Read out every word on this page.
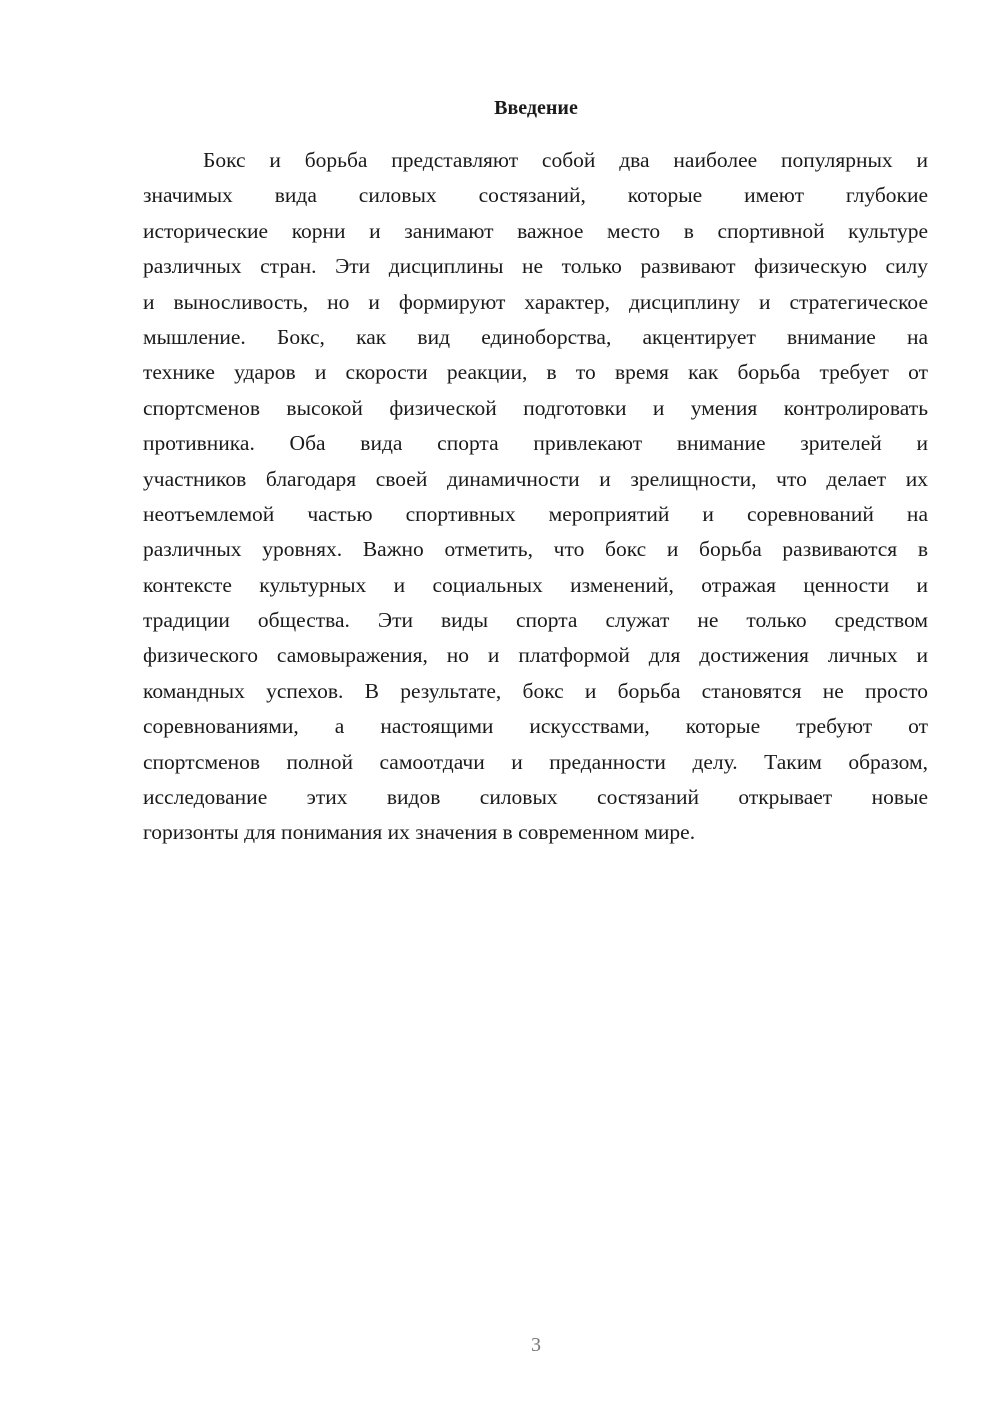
Введение
Бокс и борьба представляют собой два наиболее популярных и
значимых вида силовых состязаний, которые имеют глубокие
исторические корни и занимают важное место в спортивной культуре
различных стран. Эти дисциплины не только развивают физическую силу
и выносливость, но и формируют характер, дисциплину и стратегическое
мышление. Бокс, как вид единоборства, акцентирует внимание на
технике ударов и скорости реакции, в то время как борьба требует от
спортсменов высокой физической подготовки и умения контролировать
противника. Оба вида спорта привлекают внимание зрителей и
участников благодаря своей динамичности и зрелищности, что делает их
неотъемлемой частью спортивных мероприятий и соревнований на
различных уровнях. Важно отметить, что бокс и борьба развиваются в
контексте культурных и социальных изменений, отражая ценности и
традиции общества. Эти виды спорта служат не только средством
физического самовыражения, но и платформой для достижения личных и
командных успехов. В результате, бокс и борьба становятся не просто
соревнованиями, а настоящими искусствами, которые требуют от
спортсменов полной самоотдачи и преданности делу. Таким образом,
исследование этих видов силовых состязаний открывает новые
горизонты для понимания их значения в современном мире.
3
